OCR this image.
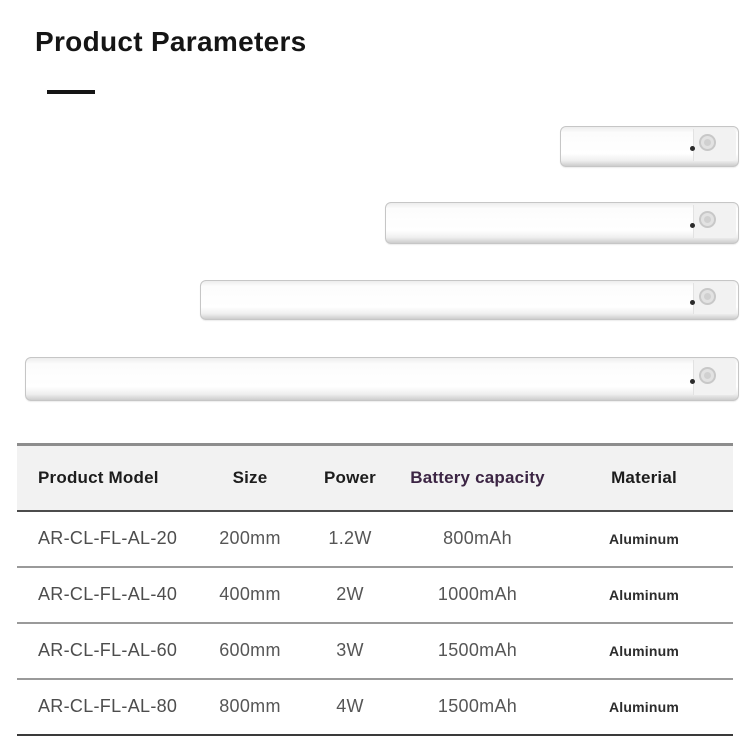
Product Parameters
Product Model	Size	Power	Battery capacity	Material
AR-CL-FL-AL-20	200mm	1.2W	800mAh	Aluminum
AR-CL-FL-AL-40	400mm	2W	1000mAh	Aluminum
AR-CL-FL-AL-60	600mm	3W	1500mAh	Aluminum
AR-CL-FL-AL-80	800mm	4W	1500mAh	Aluminum
